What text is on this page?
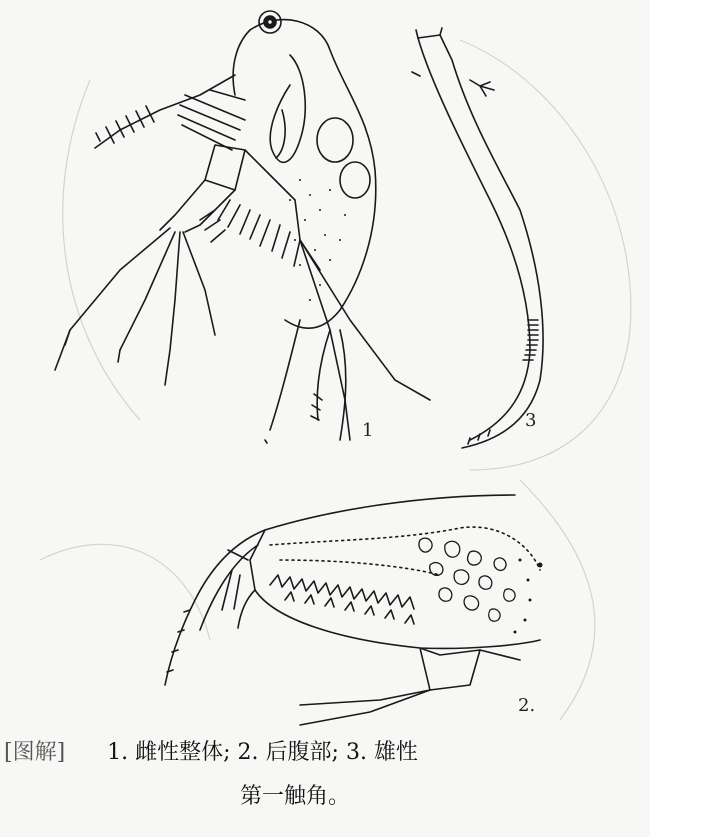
1	3
2.
[图解] 1. 雌性整体; 2. 后腹部; 3. 雄性
第一触角。
